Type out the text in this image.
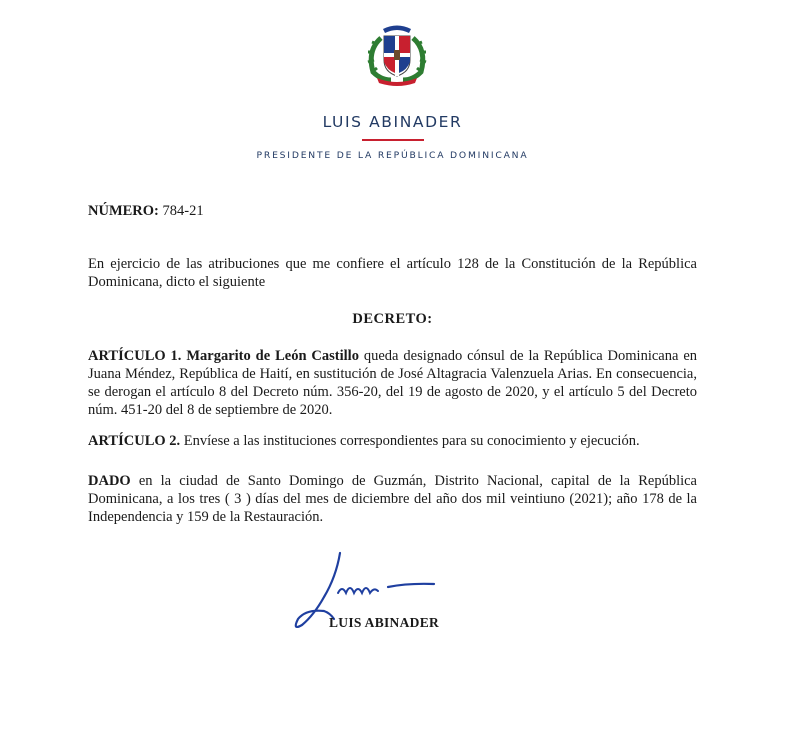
LUIS ABINADER
PRESIDENTE DE LA REPÚBLICA DOMINICANA
NÚMERO: 784-21
En ejercicio de las atribuciones que me confiere el artículo 128 de la Constitución de la República Dominicana, dicto el siguiente
DECRETO:
ARTÍCULO 1. Margarito de León Castillo queda designado cónsul de la República Dominicana en Juana Méndez, República de Haití, en sustitución de José Altagracia Valenzuela Arias. En consecuencia, se derogan el artículo 8 del Decreto núm. 356-20, del 19 de agosto de 2020, y el artículo 5 del Decreto núm. 451-20 del 8 de septiembre de 2020.
ARTÍCULO 2. Envíese a las instituciones correspondientes para su conocimiento y ejecución.
DADO en la ciudad de Santo Domingo de Guzmán, Distrito Nacional, capital de la República Dominicana, a los tres ( 3 ) días del mes de diciembre del año dos mil veintiuno (2021); año 178 de la Independencia y 159 de la Restauración.
LUIS ABINADER
